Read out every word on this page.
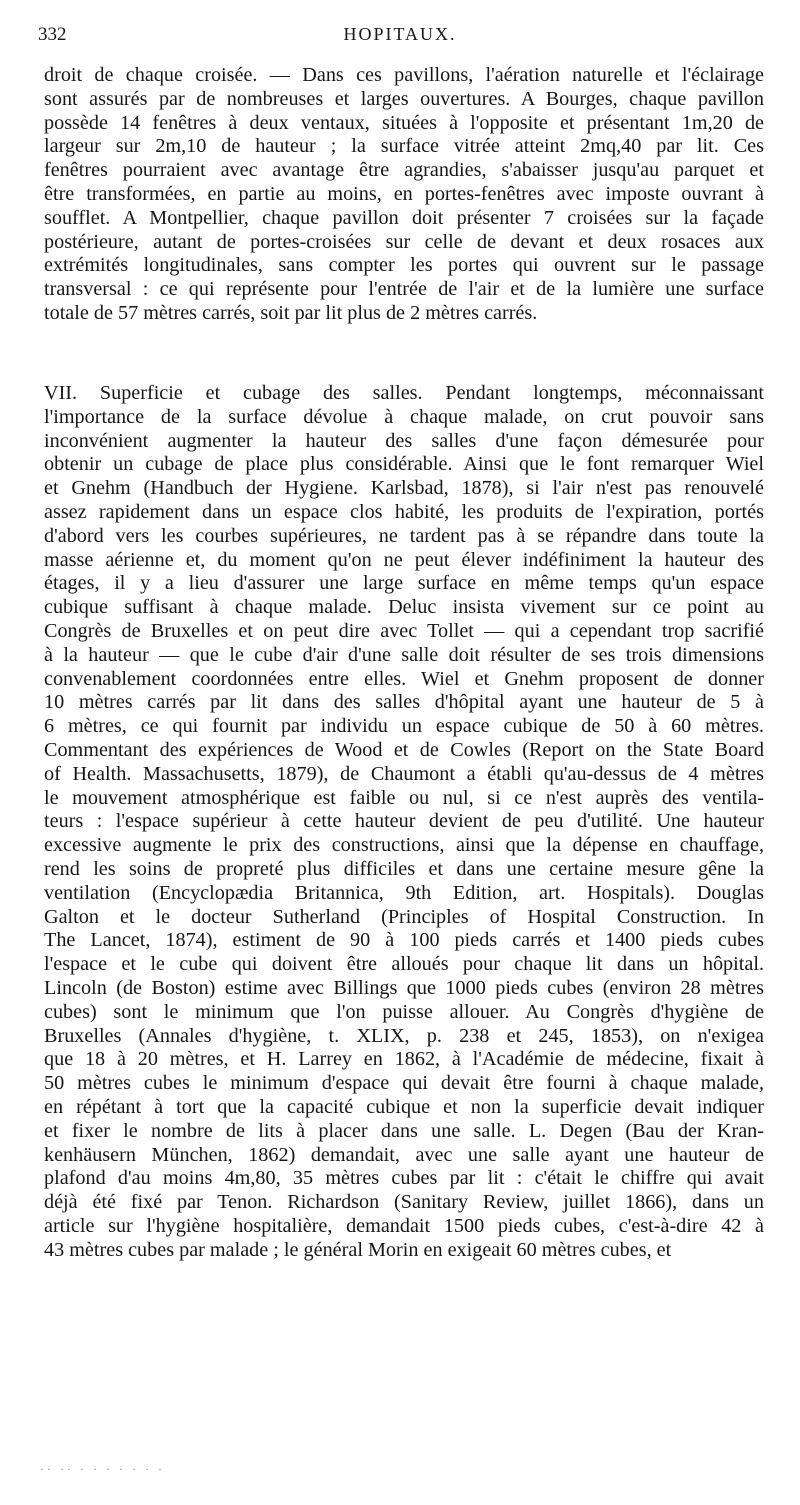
332	HOPITAUX.
droit de chaque croisée. — Dans ces pavillons, l'aération naturelle et l'éclairage
sont assurés par de nombreuses et larges ouvertures. A Bourges, chaque pavillon
possède 14 fenêtres à deux ventaux, situées à l'opposite et présentant 1m,20 de
largeur sur 2m,10 de hauteur ; la surface vitrée atteint 2mq,40 par lit. Ces
fenêtres pourraient avec avantage être agrandies, s'abaisser jusqu'au parquet et
être transformées, en partie au moins, en portes-fenêtres avec imposte ouvrant à
soufflet. A Montpellier, chaque pavillon doit présenter 7 croisées sur la façade
postérieure, autant de portes-croisées sur celle de devant et deux rosaces aux
extrémités longitudinales, sans compter les portes qui ouvrent sur le passage
transversal : ce qui représente pour l'entrée de l'air et de la lumière une surface
totale de 57 mètres carrés, soit par lit plus de 2 mètres carrés.
VII. Superficie et cubage des salles. Pendant longtemps, méconnaissant
l'importance de la surface dévolue à chaque malade, on crut pouvoir sans
inconvénient augmenter la hauteur des salles d'une façon démesurée pour
obtenir un cubage de place plus considérable. Ainsi que le font remarquer Wiel
et Gnehm (Handbuch der Hygiene. Karlsbad, 1878), si l'air n'est pas renouvelé
assez rapidement dans un espace clos habité, les produits de l'expiration, portés
d'abord vers les courbes supérieures, ne tardent pas à se répandre dans toute la
masse aérienne et, du moment qu'on ne peut élever indéfiniment la hauteur des
étages, il y a lieu d'assurer une large surface en même temps qu'un espace
cubique suffisant à chaque malade. Deluc insista vivement sur ce point au
Congrès de Bruxelles et on peut dire avec Tollet — qui a cependant trop sacrifié
à la hauteur — que le cube d'air d'une salle doit résulter de ses trois dimensions
convenablement coordonnées entre elles. Wiel et Gnehm proposent de donner
10 mètres carrés par lit dans des salles d'hôpital ayant une hauteur de 5 à
6 mètres, ce qui fournit par individu un espace cubique de 50 à 60 mètres.
Commentant des expériences de Wood et de Cowles (Report on the State Board
of Health. Massachusetts, 1879), de Chaumont a établi qu'au-dessus de 4 mètres
le mouvement atmosphérique est faible ou nul, si ce n'est auprès des ventila-
teurs : l'espace supérieur à cette hauteur devient de peu d'utilité. Une hauteur
excessive augmente le prix des constructions, ainsi que la dépense en chauffage,
rend les soins de propreté plus difficiles et dans une certaine mesure gêne la
ventilation (Encyclopædia Britannica, 9th Edition, art. Hospitals). Douglas
Galton et le docteur Sutherland (Principles of Hospital Construction. In
The Lancet, 1874), estiment de 90 à 100 pieds carrés et 1400 pieds cubes
l'espace et le cube qui doivent être alloués pour chaque lit dans un hôpital.
Lincoln (de Boston) estime avec Billings que 1000 pieds cubes (environ 28 mètres
cubes) sont le minimum que l'on puisse allouer. Au Congrès d'hygiène de
Bruxelles (Annales d'hygiène, t. XLIX, p. 238 et 245, 1853), on n'exigea
que 18 à 20 mètres, et H. Larrey en 1862, à l'Académie de médecine, fixait à
50 mètres cubes le minimum d'espace qui devait être fourni à chaque malade,
en répétant à tort que la capacité cubique et non la superficie devait indiquer
et fixer le nombre de lits à placer dans une salle. L. Degen (Bau der Kran-
kenhäusern München, 1862) demandait, avec une salle ayant une hauteur de
plafond d'au moins 4m,80, 35 mètres cubes par lit : c'était le chiffre qui avait
déjà été fixé par Tenon. Richardson (Sanitary Review, juillet 1866), dans un
article sur l'hygiène hospitalière, demandait 1500 pieds cubes, c'est-à-dire 42 à
43 mètres cubes par malade ; le général Morin en exigeait 60 mètres cubes, et
·· ·· · · · · · · ·
